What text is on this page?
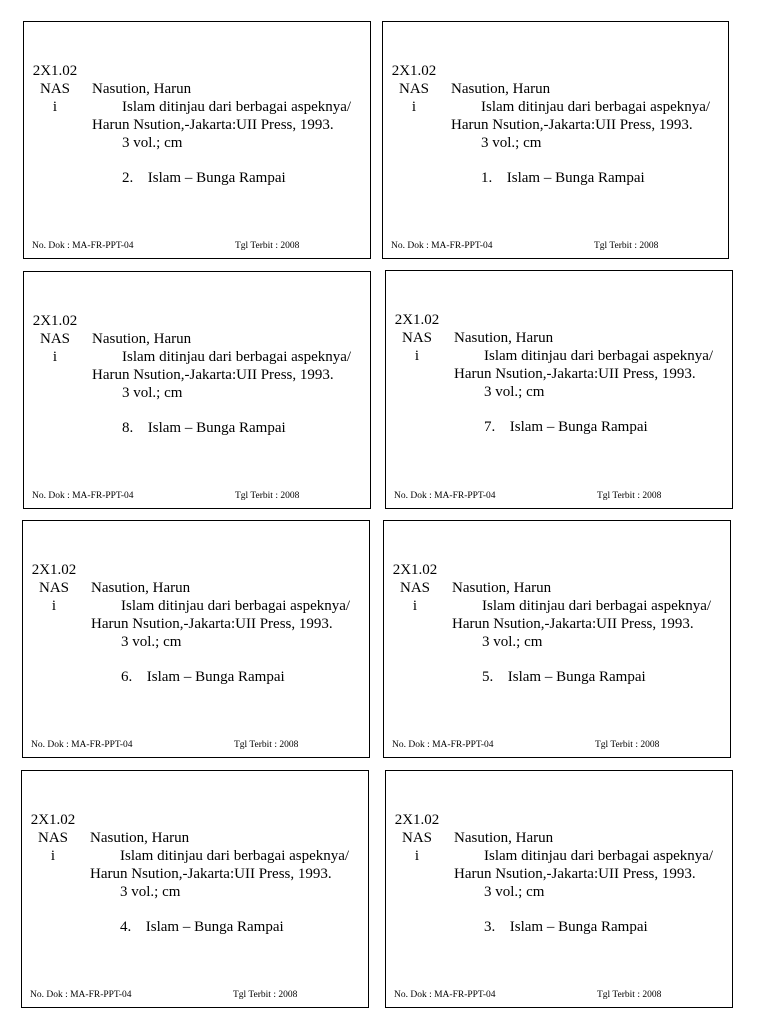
2X1.02
NAS
i
Nasution, Harun
Islam ditinjau dari berbagai aspeknya/
Harun Nsution,-Jakarta:UII Press, 1993.
3 vol.; cm
2. Islam – Bunga Rampai
No. Dok : MA-FR-PPT-04	Tgl Terbit : 2008
2X1.02
NAS
i
Nasution, Harun
Islam ditinjau dari berbagai aspeknya/
Harun Nsution,-Jakarta:UII Press, 1993.
3 vol.; cm
1. Islam – Bunga Rampai
No. Dok : MA-FR-PPT-04	Tgl Terbit : 2008
2X1.02
NAS
i
Nasution, Harun
Islam ditinjau dari berbagai aspeknya/
Harun Nsution,-Jakarta:UII Press, 1993.
3 vol.; cm
8. Islam – Bunga Rampai
No. Dok : MA-FR-PPT-04	Tgl Terbit : 2008
2X1.02
NAS
i
Nasution, Harun
Islam ditinjau dari berbagai aspeknya/
Harun Nsution,-Jakarta:UII Press, 1993.
3 vol.; cm
7. Islam – Bunga Rampai
No. Dok : MA-FR-PPT-04	Tgl Terbit : 2008
2X1.02
NAS
i
Nasution, Harun
Islam ditinjau dari berbagai aspeknya/
Harun Nsution,-Jakarta:UII Press, 1993.
3 vol.; cm
6. Islam – Bunga Rampai
No. Dok : MA-FR-PPT-04	Tgl Terbit : 2008
2X1.02
NAS
i
Nasution, Harun
Islam ditinjau dari berbagai aspeknya/
Harun Nsution,-Jakarta:UII Press, 1993.
3 vol.; cm
5. Islam – Bunga Rampai
No. Dok : MA-FR-PPT-04	Tgl Terbit : 2008
2X1.02
NAS
i
Nasution, Harun
Islam ditinjau dari berbagai aspeknya/
Harun Nsution,-Jakarta:UII Press, 1993.
3 vol.; cm
4. Islam – Bunga Rampai
No. Dok : MA-FR-PPT-04	Tgl Terbit : 2008
2X1.02
NAS
i
Nasution, Harun
Islam ditinjau dari berbagai aspeknya/
Harun Nsution,-Jakarta:UII Press, 1993.
3 vol.; cm
3. Islam – Bunga Rampai
No. Dok : MA-FR-PPT-04	Tgl Terbit : 2008
